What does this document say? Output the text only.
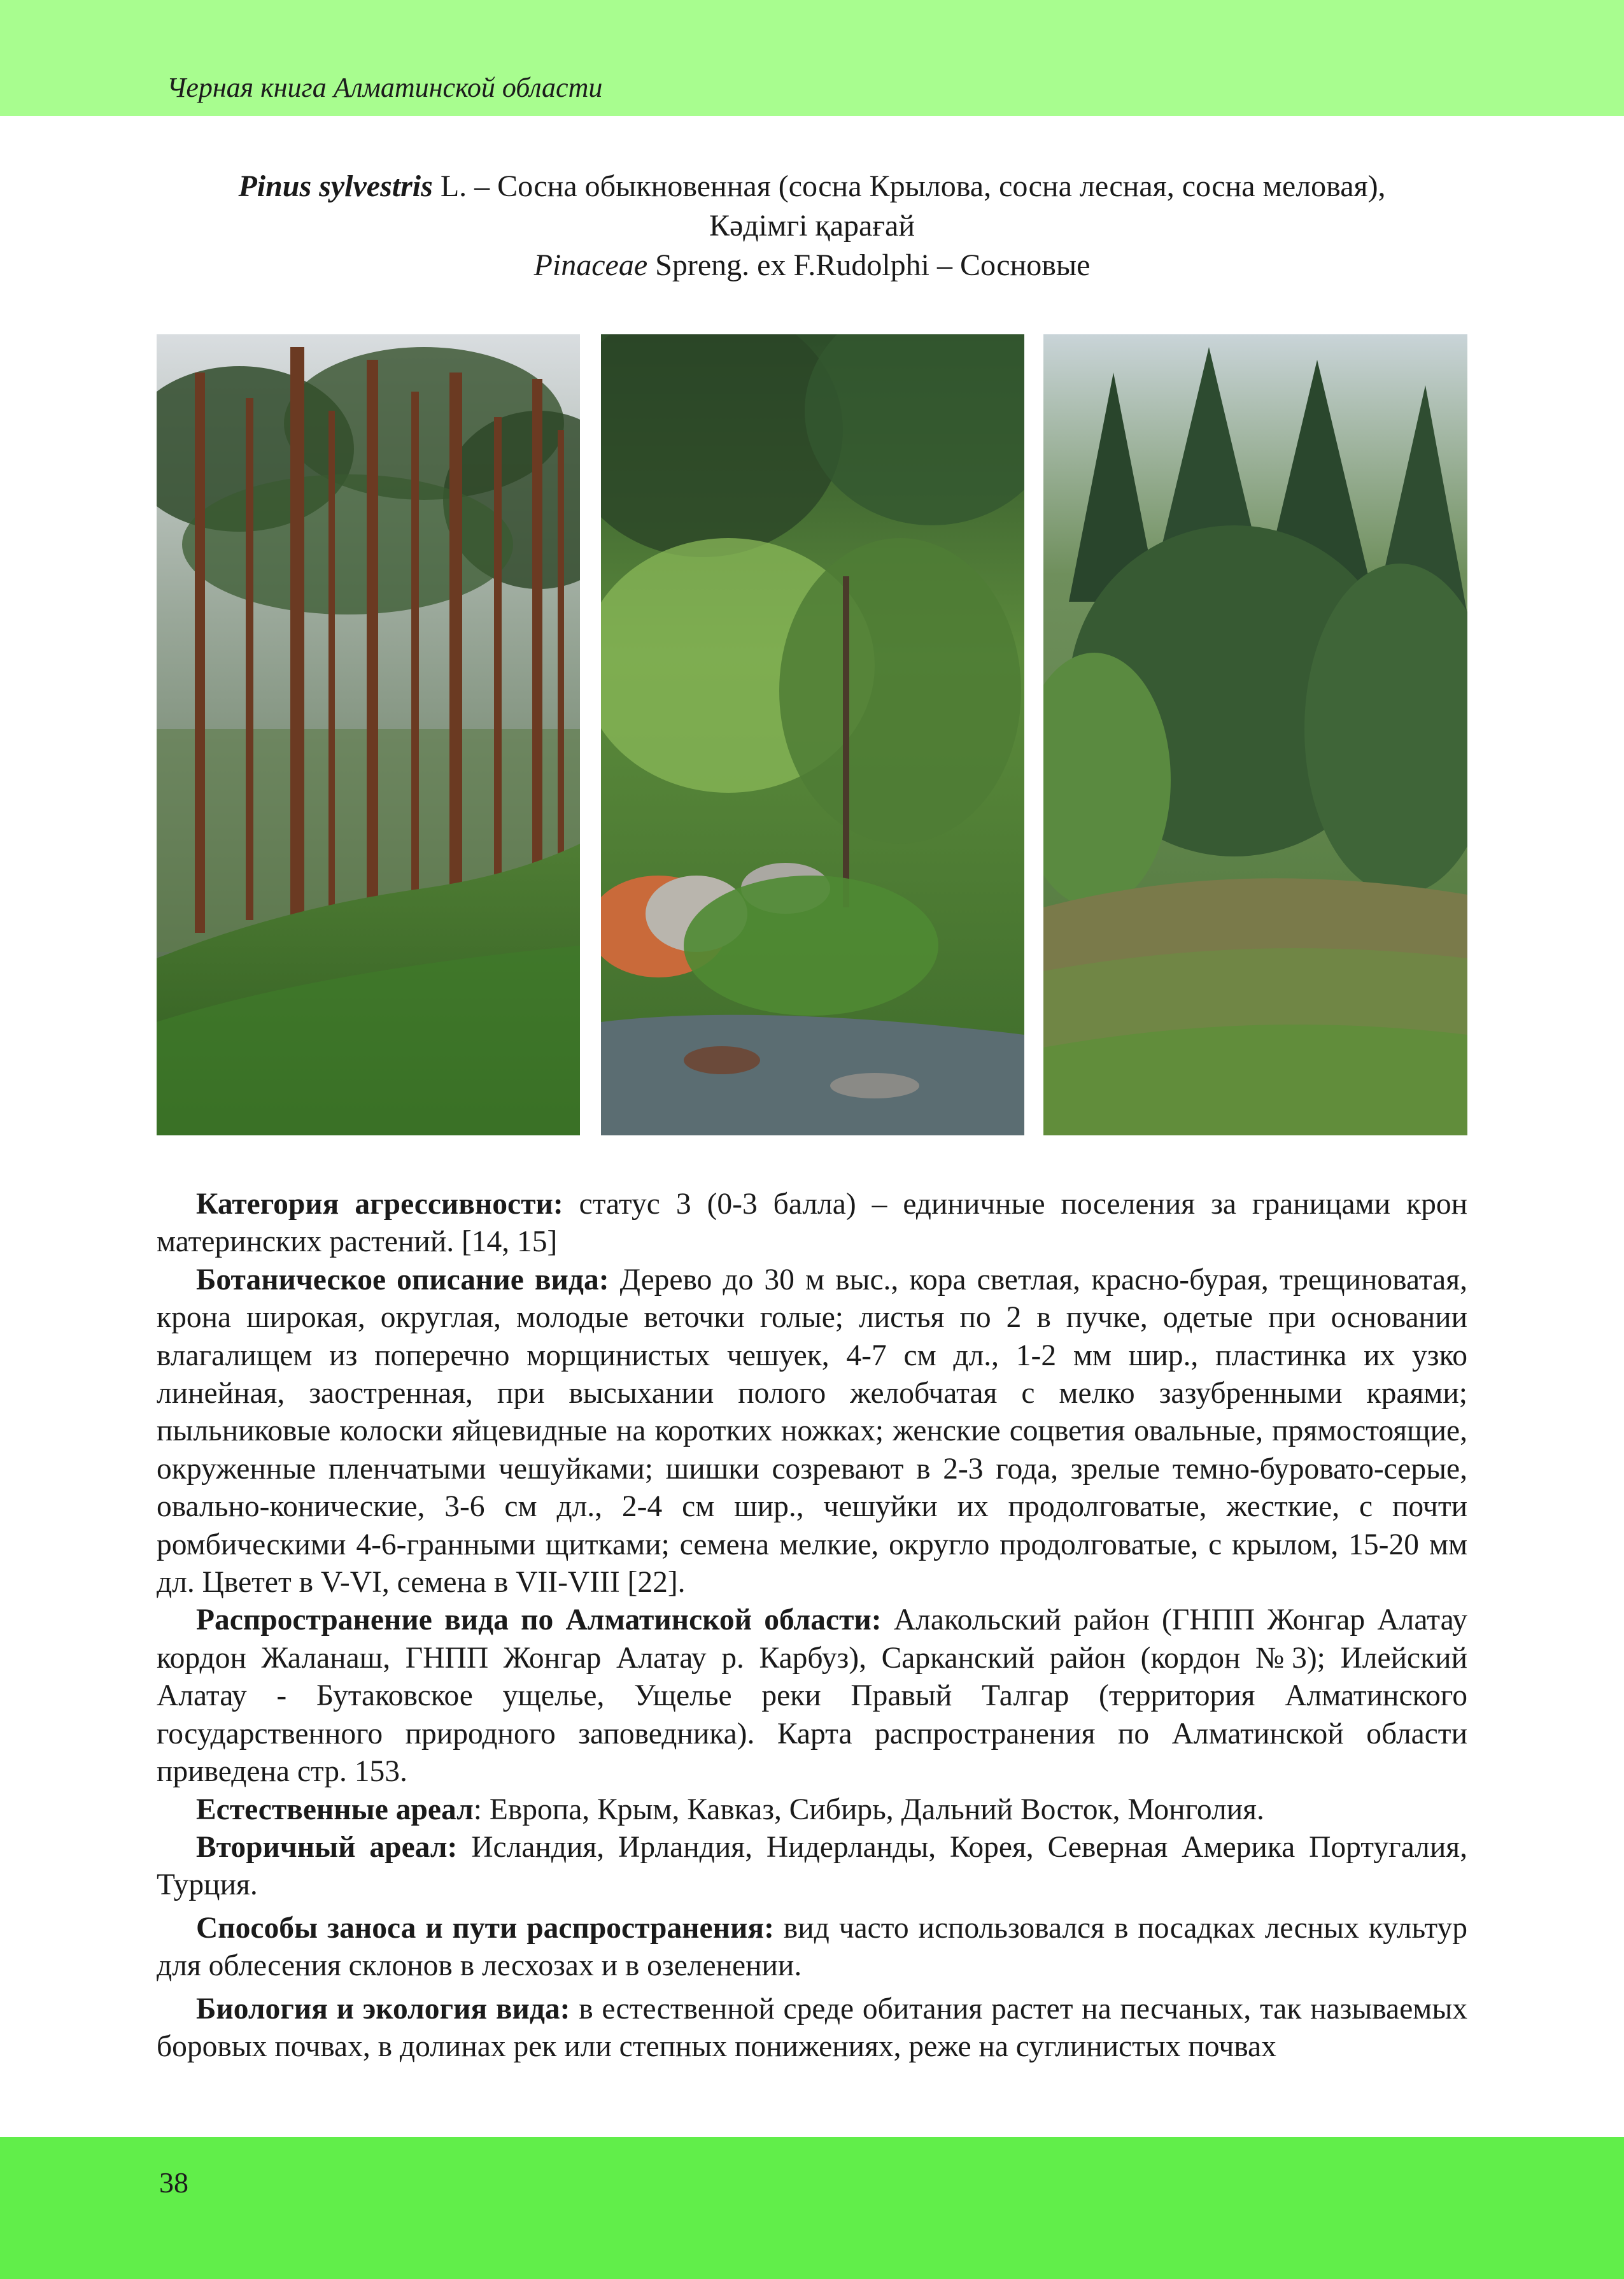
Черная книга Алматинской области
Pinus sylvestris L. – Сосна обыкновенная (сосна Крылова, сосна лесная, сосна меловая),
Кәдімгі қарағай
Pinaceae Spreng. ex F.Rudolphi – Сосновые

Категория агрессивности: статус 3 (0-3 балла) – единичные поселения за границами крон материнских растений. [14, 15]

Ботаническое описание вида: Дерево до 30 м выс., кора светлая, красно-бурая, трещиноватая, крона широкая, округлая, молодые веточки голые; листья по 2 в пучке, одетые при основании влагалищем из поперечно морщинистых чешуек, 4-7 см дл., 1-2 мм шир., пластинка их узко линейная, заостренная, при высыхании полого желобчатая с мелко зазубренными краями; пыльниковые колоски яйцевидные на коротких ножках; женские соцветия овальные, прямостоящие, окруженные пленчатыми чешуйками; шишки созревают в 2-3 года, зрелые темно-буровато-серые, овально-конические, 3-6 см дл., 2-4 см шир., чешуйки их продолговатые, жесткие, с почти ромбическими 4-6-гранными щитками; семена мелкие, округло продолговатые, с крылом, 15-20 мм дл. Цветет в V-VI, семена в VII-VIII [22].

Распространение вида по Алматинской области: Алакольский район (ГНПП Жонгар Алатау кордон Жаланаш, ГНПП Жонгар Алатау р. Карбуз), Сарканский район (кордон №3); Илейский Алатау - Бутаковское ущелье, Ущелье реки Правый Талгар (территория Алматинского государственного природного заповедника). Карта распространения по Алматинской области приведена стр. 153.

Естественные ареал: Европа, Крым, Кавказ, Сибирь, Дальний Восток, Монголия.

Вторичный ареал: Исландия, Ирландия, Нидерланды, Корея, Северная Америка Португалия, Турция.

Способы заноса и пути распространения: вид часто использовался в посадках лесных культур для облесения склонов в лесхозах и в озеленении.

Биология и экология вида: в естественной среде обитания растет на песчаных, так называемых боровых почвах, в долинах рек или степных понижениях, реже на суглинистых почвах

38
